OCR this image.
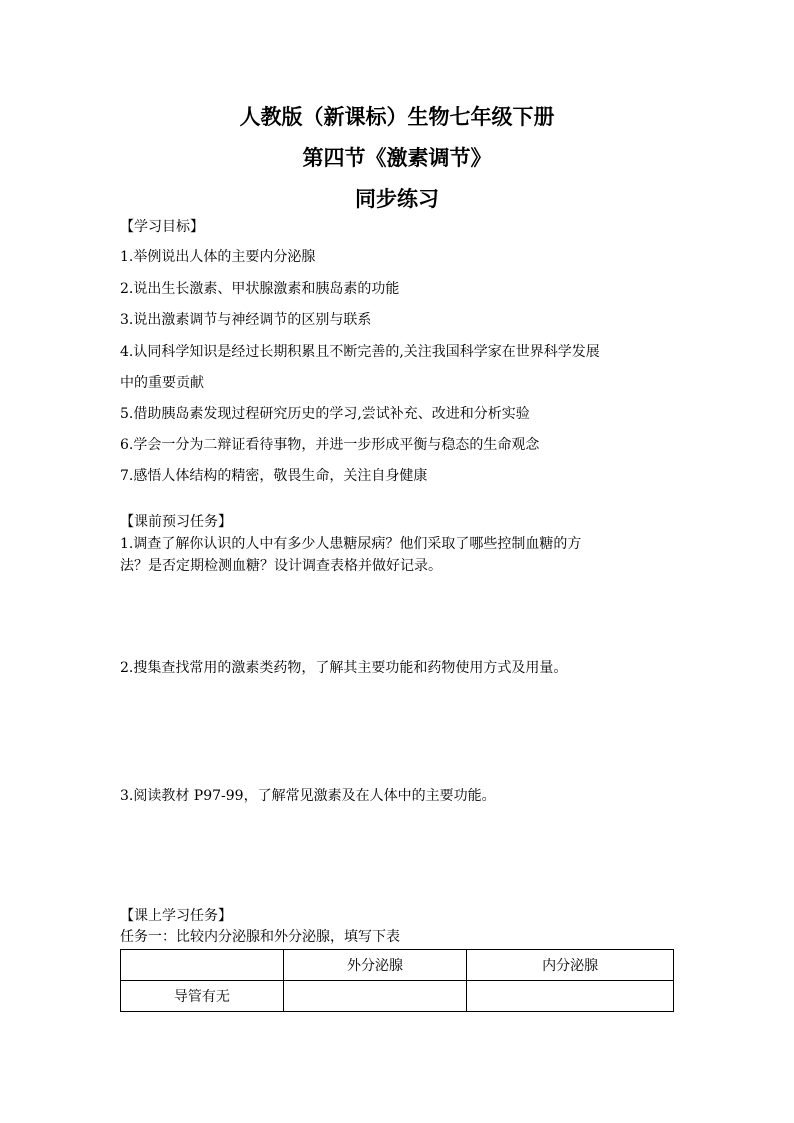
人教版（新课标）生物七年级下册
第四节《激素调节》
同步练习

【学习目标】

1.举例说出人体的主要内分泌腺

2.说出生长激素、甲状腺激素和胰岛素的功能

3.说出激素调节与神经调节的区别与联系

4.认同科学知识是经过长期积累且不断完善的,关注我国科学家在世界科学发展

中的重要贡献

5.借助胰岛素发现过程研究历史的学习,尝试补充、改进和分析实验

6.学会一分为二辩证看待事物，并进一步形成平衡与稳态的生命观念

7.感悟人体结构的精密，敬畏生命，关注自身健康

【课前预习任务】

1.调查了解你认识的人中有多少人患糖尿病？他们采取了哪些控制血糖的方

法？是否定期检测血糖？设计调查表格并做好记录。

2.搜集查找常用的激素类药物，了解其主要功能和药物使用方式及用量。

3.阅读教材 P97-99，了解常见激素及在人体中的主要功能。

【课上学习任务】

任务一：比较内分泌腺和外分泌腺，填写下表

	外分泌腺	内分泌腺
导管有无		
